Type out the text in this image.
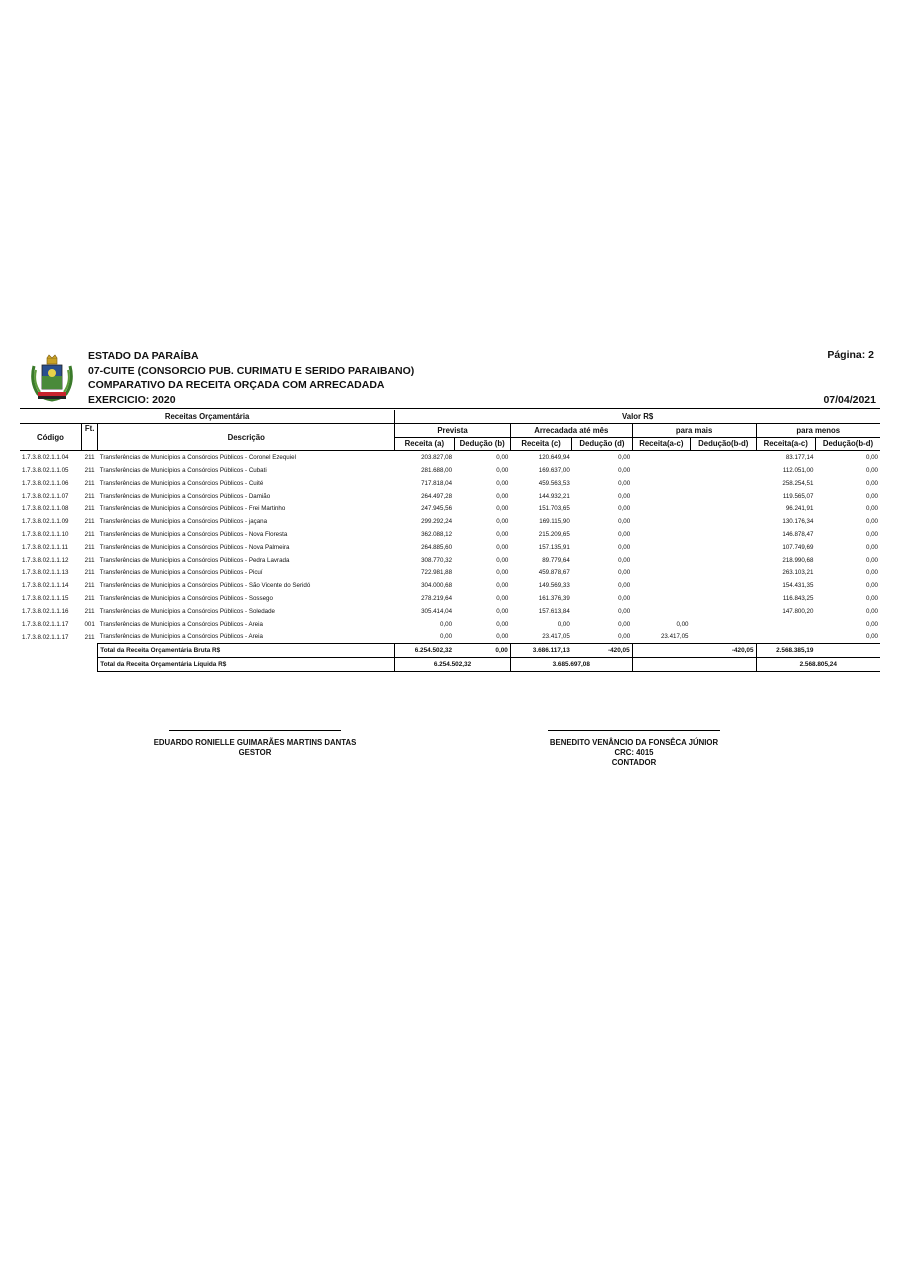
ESTADO DA PARAÍBA
07-CUITE (CONSORCIO PUB. CURIMATU E SERIDO PARAIBANO)
COMPARATIVO DA RECEITA ORÇADA COM ARRECADADA
EXERCICIO: 2020
Página: 2
07/04/2021
Receitas Orçamentária			Valor R$							
Código	Ft.	Descrição	Prevista		Arrecadada até mês		para mais		para menos	
			Receita (a)	Dedução (b)	Receita (c)	Dedução (d)	Receita(a-c)	Dedução(b-d)	Receita(a-c)	Dedução(b-d)
1.7.3.8.02.1.1.04	211	Transferências de Municípios a Consórcios Públicos - Coronel Ezequiel	203.827,08	0,00	120.649,94	0,00			83.177,14	0,00
1.7.3.8.02.1.1.05	211	Transferências de Municípios a Consórcios Públicos - Cubati	281.688,00	0,00	169.637,00	0,00			112.051,00	0,00
1.7.3.8.02.1.1.06	211	Transferências de Municípios a Consórcios Públicos - Cuité	717.818,04	0,00	459.563,53	0,00			258.254,51	0,00
1.7.3.8.02.1.1.07	211	Transferências de Municípios a Consórcios Públicos - Damião	264.497,28	0,00	144.932,21	0,00			119.565,07	0,00
1.7.3.8.02.1.1.08	211	Transferências de Municípios a Consórcios Públicos - Frei Martinho	247.945,56	0,00	151.703,65	0,00			96.241,91	0,00
1.7.3.8.02.1.1.09	211	Transferências de Municípios a Consórcios Públicos - jaçana	299.292,24	0,00	169.115,90	0,00			130.176,34	0,00
1.7.3.8.02.1.1.10	211	Transferências de Municípios a Consórcios Públicos - Nova Floresta	362.088,12	0,00	215.209,65	0,00			146.878,47	0,00
1.7.3.8.02.1.1.11	211	Transferências de Municípios a Consórcios Públicos - Nova Palmeira	264.885,60	0,00	157.135,91	0,00			107.749,69	0,00
1.7.3.8.02.1.1.12	211	Transferências de Municípios a Consórcios Públicos - Pedra Lavrada	308.770,32	0,00	89.779,64	0,00			218.990,68	0,00
1.7.3.8.02.1.1.13	211	Transferências de Municípios a Consórcios Públicos - Picuí	722.981,88	0,00	459.878,67	0,00			263.103,21	0,00
1.7.3.8.02.1.1.14	211	Transferências de Municípios a Consórcios Públicos - São Vicente do Seridó	304.000,68	0,00	149.569,33	0,00			154.431,35	0,00
1.7.3.8.02.1.1.15	211	Transferências de Municípios a Consórcios Públicos - Sossego	278.219,64	0,00	161.376,39	0,00			116.843,25	0,00
1.7.3.8.02.1.1.16	211	Transferências de Municípios a Consórcios Públicos - Soledade	305.414,04	0,00	157.613,84	0,00			147.800,20	0,00
1.7.3.8.02.1.1.17	001	Transferências de Municípios a Consórcios Públicos - Areia	0,00	0,00	0,00	0,00	0,00			0,00
1.7.3.8.02.1.1.17	211	Transferências de Municípios a Consórcios Públicos - Areia	0,00	0,00	23.417,05	0,00	23.417,05			0,00
		Total da Receita Orçamentária Bruta R$	6.254.502,32	0,00	3.686.117,13	-420,05		-420,05	2.568.385,19	
		Total da Receita Orçamentária Líquida R$	6.254.502,32		3.685.697,08				2.568.805,24	
EDUARDO RONIELLE GUIMARÃES MARTINS DANTAS
GESTOR
BENEDITO VENÂNCIO DA FONSÊCA JÚNIOR
CRC: 4015
CONTADOR
